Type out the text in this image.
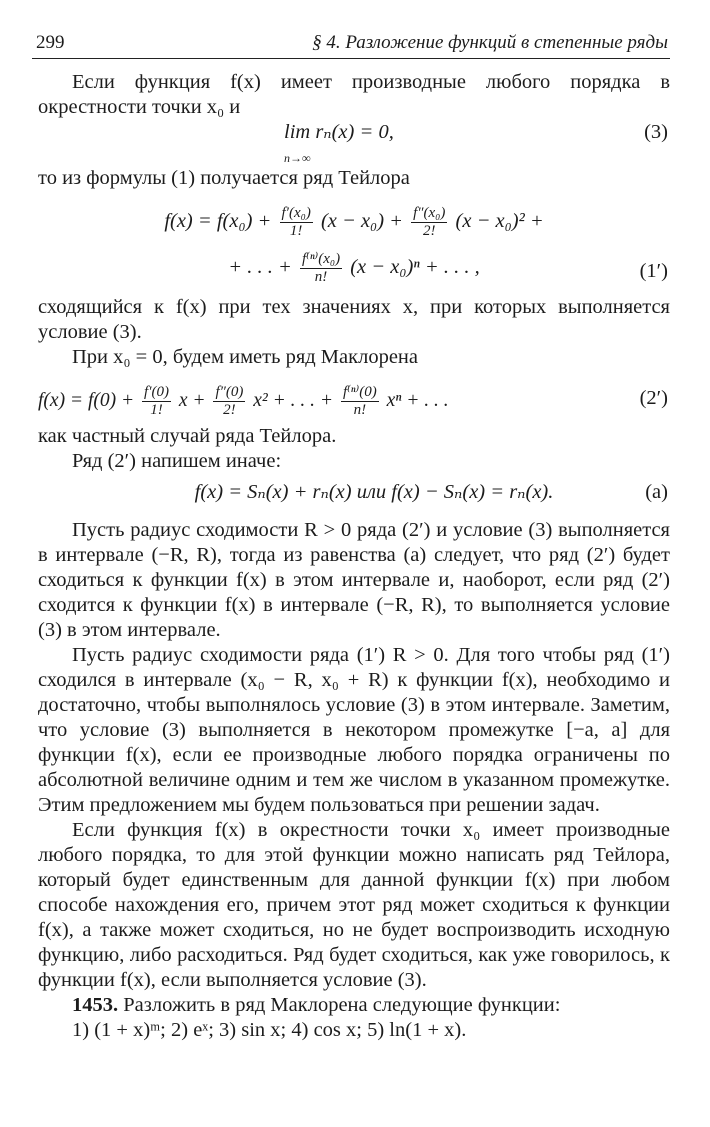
299	§ 4. Разложение функций в степенные ряды

Если функция f(x) имеет производные любого порядка в окрестности точки x₀ и

lim rₙ(x) = 0,
n→∞
(3)

то из формулы (1) получается ряд Тейлора

$f(x) = f(x_0) + \frac{\text{f′(x₀)}}{1!} (x - x_0) + \frac{\text{f″(x₀)}}{2!} (x - x_0)^2$ +
+ . . . + $\frac{\text{f⁽ⁿ⁾(x₀)}}{n!} (x - x_0)^n$ + . . . ,	(1′)

сходящийся к f(x) при тех значениях x, при которых выполняется условие (3).

При x₀ = 0, будем иметь ряд Маклорена

$f(x) = f(0) + \frac{f'(0)}{1!}$ $x + \frac{f''(0)}{2!} x^2$ + . . . + $\frac{\text{f⁽ⁿ⁾(0)}}{n!}$ xⁿ + . . .	(2′)

как частный случай ряда Тейлора.

Ряд (2′) напишем иначе:

f(x) = Sₙ(x) + rₙ(x) или f(x) − Sₙ(x) = rₙ(x).	(a)

Пусть радиус сходимости R > 0 ряда (2′) и условие (3) выполняется в интервале (−R, R), тогда из равенства (a) следует, что ряд (2′) будет сходиться к функции f(x) в этом интервале и, наоборот, если ряд (2′) сходится к функции f(x) в интервале (−R, R), то выполняется условие (3) в этом интервале.

Пусть радиус сходимости ряда (1′) R > 0. Для того чтобы ряд (1′) сходился в интервале (x₀ − R, x₀ + R) к функции f(x), необходимо и достаточно, чтобы выполнялось условие (3) в этом интервале. Заметим, что условие (3) выполняется в некотором промежутке [−a, a] для функции f(x), если ее производные любого порядка ограничены по абсолютной величине одним и тем же числом в указанном промежутке. Этим предложением мы будем пользоваться при решении задач.

Если функция f(x) в окрестности точки x₀ имеет производные любого порядка, то для этой функции можно написать ряд Тейлора, который будет единственным для данной функции f(x) при любом способе нахождения его, причем этот ряд может сходиться к функции f(x), а также может сходиться, но не будет воспроизводить исходную функцию, либо расходиться. Ряд будет сходиться, как уже говорилось, к функции f(x), если выполняется условие (3).

1453. Разложить в ряд Маклорена следующие функции:

1) (1 + x)ᵐ; 2) eˣ; 3) sin x; 4) cos x; 5) ln(1 + x).
